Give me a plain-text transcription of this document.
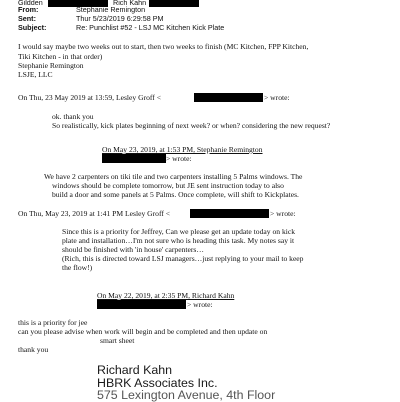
Gildden	Rich Kahn
From:	Stephanie Remington
Sent:	Thur 5/23/2019 6:29:58 PM
Subject:	Re: Punchlist #52 - LSJ MC Kitchen Kick Plate
I would say maybe two weeks out to start, then two weeks to finish (MC Kitchen, FPP Kitchen,
Tiki Kitchen - in that order)
Stephanie Remington
LSJE, LLC
On Thu, 23 May 2019 at 13:59, Lesley Groff <	> wrote:
ok. thank you
So realistically, kick plates beginning of next week? or when? considering the new request?
On May 23, 2019, at 1:53 PM, Stephanie Remington
> wrote:
We have 2 carpenters on tiki tile and two carpenters installing 5 Palms windows. The
windows should be complete tomorrow, but JE sent instruction today to also
build a door and some panels at 5 Palms. Once complete, will shift to Kickplates.
On Thu, May 23, 2019 at 1:41 PM Lesley Groff <	> wrote:
Since this is a priority for Jeffrey, Can we please get an update today on kick
plate and installation…I'm not sure who is heading this task. My notes say it
should be finished with 'in house' carpenters…
(Rich, this is directed toward LSJ managers…just replying to your mail to keep
the flow!)
On May 22, 2019, at 2:35 PM, Richard Kahn
> wrote:
this is a priority for jee
can you please advise when work will begin and be completed and then update on
smart sheet
thank you
Richard Kahn
HBRK Associates Inc.
575 Lexington Avenue, 4th Floor
